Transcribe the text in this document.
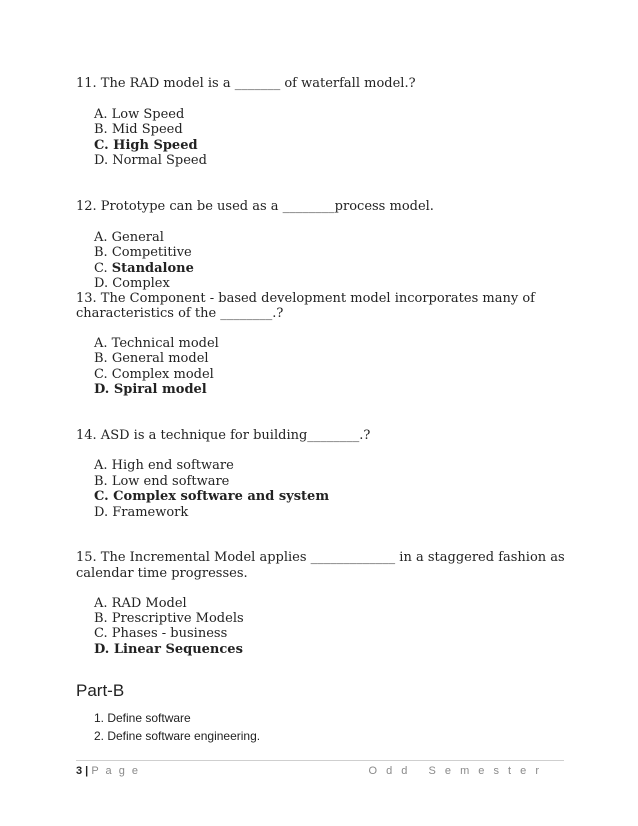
11. The RAD model is a _______ of waterfall model.?
A. Low Speed
B. Mid Speed
C. High Speed
D. Normal Speed
12. Prototype can be used as a ________process model.
A. General
B. Competitive
C. Standalone
D. Complex
13. The Component - based development model incorporates many of
characteristics of the ________.?
A. Technical model
B. General model
C. Complex model
D. Spiral model
14. ASD is a technique for building________.?
A. High end software
B. Low end software
C. Complex software and system
D. Framework
15. The Incremental Model applies _____________ in a staggered fashion as
calendar time progresses.
A. RAD Model
B. Prescriptive Models
C. Phases - business
D. Linear Sequences
Part-B
1. Define software
2. Define software engineering.
3 | P a g e	O d d   S e m e s t e r
